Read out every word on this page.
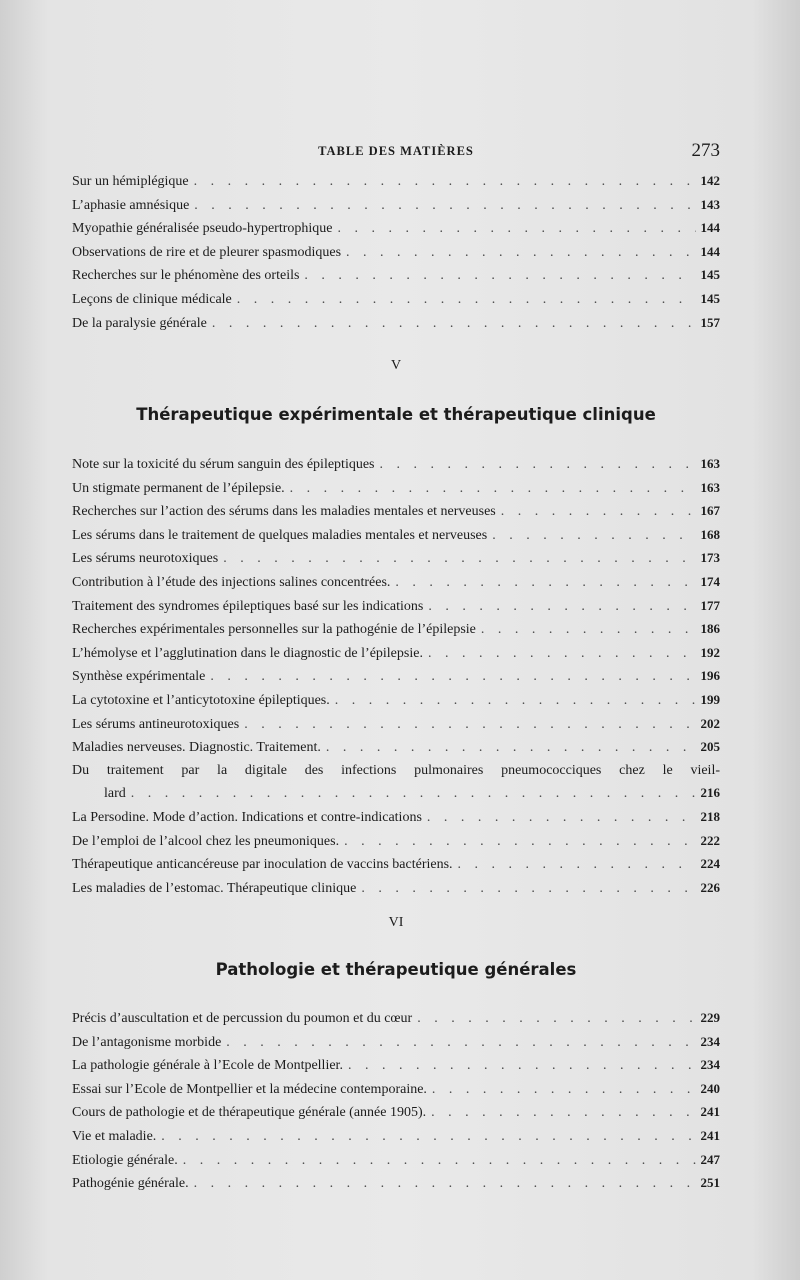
TABLE DES MATIÈRES	273
Sur un hémiplégique . . .	142
L’aphasie amnésique . . .	143
Myopathie généralisée pseudo-hypertrophique . . .	144
Observations de rire et de pleurer spasmodiques . . .	144
Recherches sur le phénomène des orteils . . .	145
Leçons de clinique médicale . . .	145
De la paralysie générale . . .	157
V
Thérapeutique expérimentale et thérapeutique clinique
Note sur la toxicité du sérum sanguin des épileptiques . . .	163
Un stigmate permanent de l’épilepsie. . . .	163
Recherches sur l’action des sérums dans les maladies mentales et nerveuses . . .	167
Les sérums dans le traitement de quelques maladies mentales et nerveuses . . .	168
Les sérums neurotoxiques . . .	173
Contribution à l’étude des injections salines concentrées. . . .	174
Traitement des syndromes épileptiques basé sur les indications . . .	177
Recherches expérimentales personnelles sur la pathogénie de l’épilepsie . . .	186
L’hémolyse et l’agglutination dans le diagnostic de l’épilepsie. . . .	192
Synthèse expérimentale . . .	196
La cytotoxine et l’anticytotoxine épileptiques. . . .	199
Les sérums antineurotoxiques . . .	202
Maladies nerveuses. Diagnostic. Traitement. . . .	205
Du traitement par la digitale des infections pulmonaires pneumococciques chez le vieil-
lard . . .	216
La Persodine. Mode d’action. Indications et contre-indications . . .	218
De l’emploi de l’alcool chez les pneumoniques. . . .	222
Thérapeutique anticancéreuse par inoculation de vaccins bactériens. . . .	224
Les maladies de l’estomac. Thérapeutique clinique . . .	226
VI
Pathologie et thérapeutique générales
Précis d’auscultation et de percussion du poumon et du cœur . . .	229
De l’antagonisme morbide . . .	234
La pathologie générale à l’Ecole de Montpellier. . . .	234
Essai sur l’Ecole de Montpellier et la médecine contemporaine. . . .	240
Cours de pathologie et de thérapeutique générale (année 1905). . . .	241
Vie et maladie. . . .	241
Etiologie générale. . . .	247
Pathogénie générale. . . .	251
